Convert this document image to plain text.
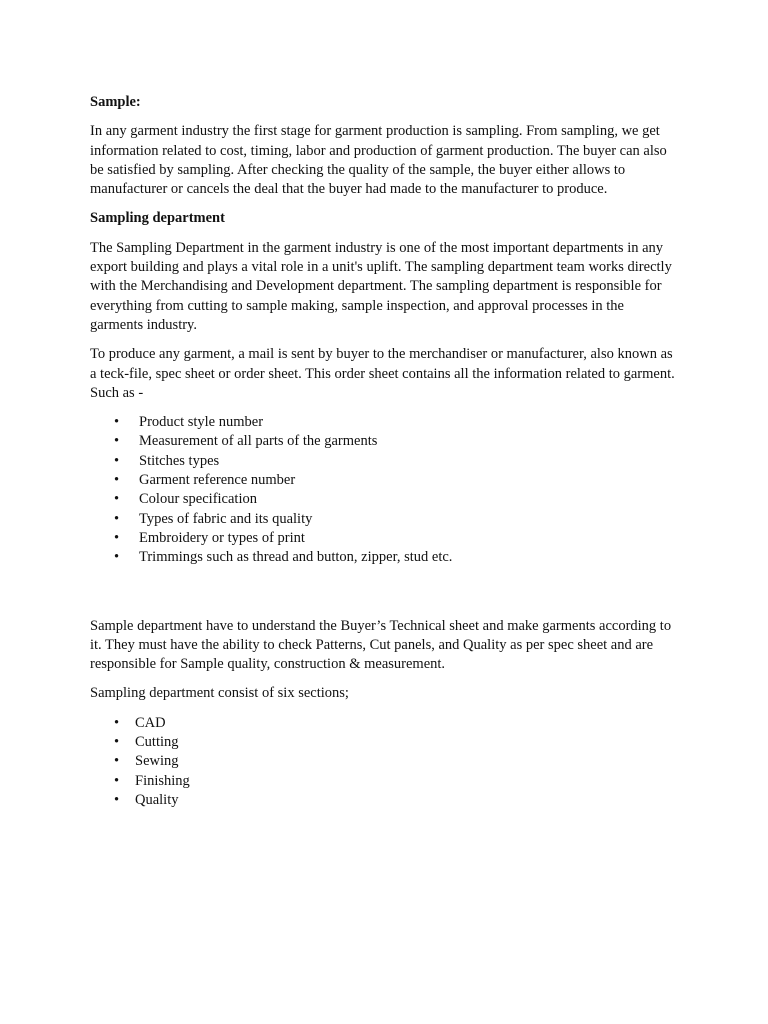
Sample:

In any garment industry the first stage for garment production is sampling. From sampling, we get information related to cost, timing, labor and production of garment production. The buyer can also be satisfied by sampling. After checking the quality of the sample, the buyer either allows to manufacturer or cancels the deal that the buyer had made to the manufacturer to produce.

Sampling department

The Sampling Department in the garment industry is one of the most important departments in any export building and plays a vital role in a unit's uplift. The sampling department team works directly with the Merchandising and Development department. The sampling department is responsible for everything from cutting to sample making, sample inspection, and approval processes in the garments industry.

To produce any garment, a mail is sent by buyer to the merchandiser or manufacturer, also known as a teck-file, spec sheet or order sheet. This order sheet contains all the information related to garment. Such as -

• Product style number
• Measurement of all parts of the garments
• Stitches types
• Garment reference number
• Colour specification
• Types of fabric and its quality
• Embroidery or types of print
• Trimmings such as thread and button, zipper, stud etc.

Sample department have to understand the Buyer’s Technical sheet and make garments according to it. They must have the ability to check Patterns, Cut panels, and Quality as per spec sheet and are responsible for Sample quality, construction & measurement.

Sampling department consist of six sections;

• CAD
• Cutting
• Sewing
• Finishing
• Quality
